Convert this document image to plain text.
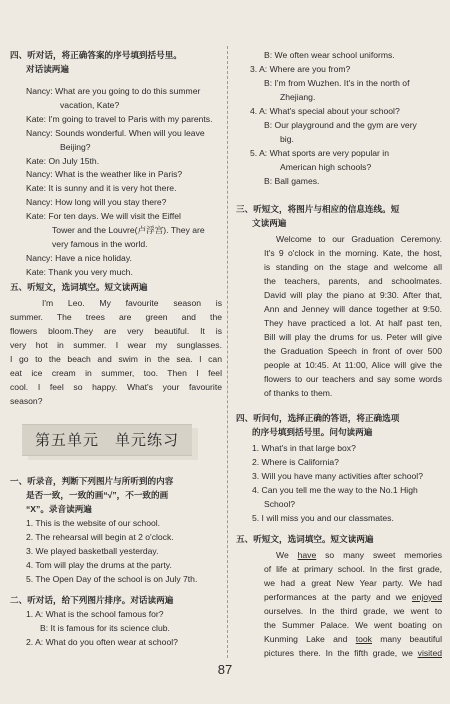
四、听对话，将正确答案的序号填到括号里。
对话读两遍
Nancy: What are you going to do this summer
vacation, Kate?
Kate: I'm going to travel to Paris with my parents.
Nancy: Sounds wonderful. When will you leave
Beijing?
Kate: On July 15th.
Nancy: What is the weather like in Paris?
Kate: It is sunny and it is very hot there.
Nancy: How long will you stay there?
Kate: For ten days. We will visit the Eiffel
Tower and the Louvre(卢浮宫). They are
very famous in the world.
Nancy: Have a nice holiday.
Kate: Thank you very much.
五、听短文，选词填空。短文读两遍
I'm Leo. My favourite season is
summer. The trees are green and the
flowers bloom.They are very beautiful. It is
very hot in summer. I wear my sunglasses.
I go to the beach and swim in the sea. I can
eat ice cream in summer, too. Then I feel
cool. I feel so happy. What's your favourite
season?
一、听录音，判断下列图片与所听到的内容
是否一致，一致的画“√”，不一致的画
“X”。录音读两遍
1. This is the website of our school.
2. The rehearsal will begin at 2 o'clock.
3. We played basketball yesterday.
4. Tom will play the drums at the party.
5. The Open Day of the school is on July 7th.
二、听对话，给下列图片排序。对话读两遍
1. A: What is the school famous for?
B: It is famous for its science club.
2. A: What do you often wear at school?
第五单元　单元练习
B: We often wear school uniforms.
3. A: Where are you from?
B: I'm from Wuzhen. It's in the north of
Zhejiang.
4. A: What's special about your school?
B: Our playground and the gym are very
big.
5. A: What sports are very popular in
American high schools?
B: Ball games.
三、听短文，将图片与相应的信息连线。短
文读两遍
Welcome to our Graduation Ceremony.
It's 9 o'clock in the morning. Kate, the host,
is standing on the stage and welcome all
the teachers, parents, and schoolmates.
David will play the piano at 9:30. After that,
Ann and Jenney will dance together at 9:50.
They have practiced a lot. At half past ten,
Bill will play the drums for us. Peter will give
the Graduation Speech in front of over 500
people at 10:45. At 11:00, Alice will give the
flowers to our teachers and say some words
of thanks to them.
四、听问句，选择正确的答语，将正确选项
的序号填到括号里。问句读两遍
1. What's in that large box?
2. Where is California?
3. Will you have many activities after school?
4. Can you tell me the way to the No.1 High
School?
5. I will miss you and our classmates.
五、听短文，选词填空。短文读两遍
We have so many sweet memories
of life at primary school. In the first grade,
we had a great New Year party. We had
performances at the party and we enjoyed
ourselves. In the third grade, we went to
the Summer Palace. We went boating on
Kunming Lake and took many beautiful
pictures there. In the fifth grade, we visited
87
